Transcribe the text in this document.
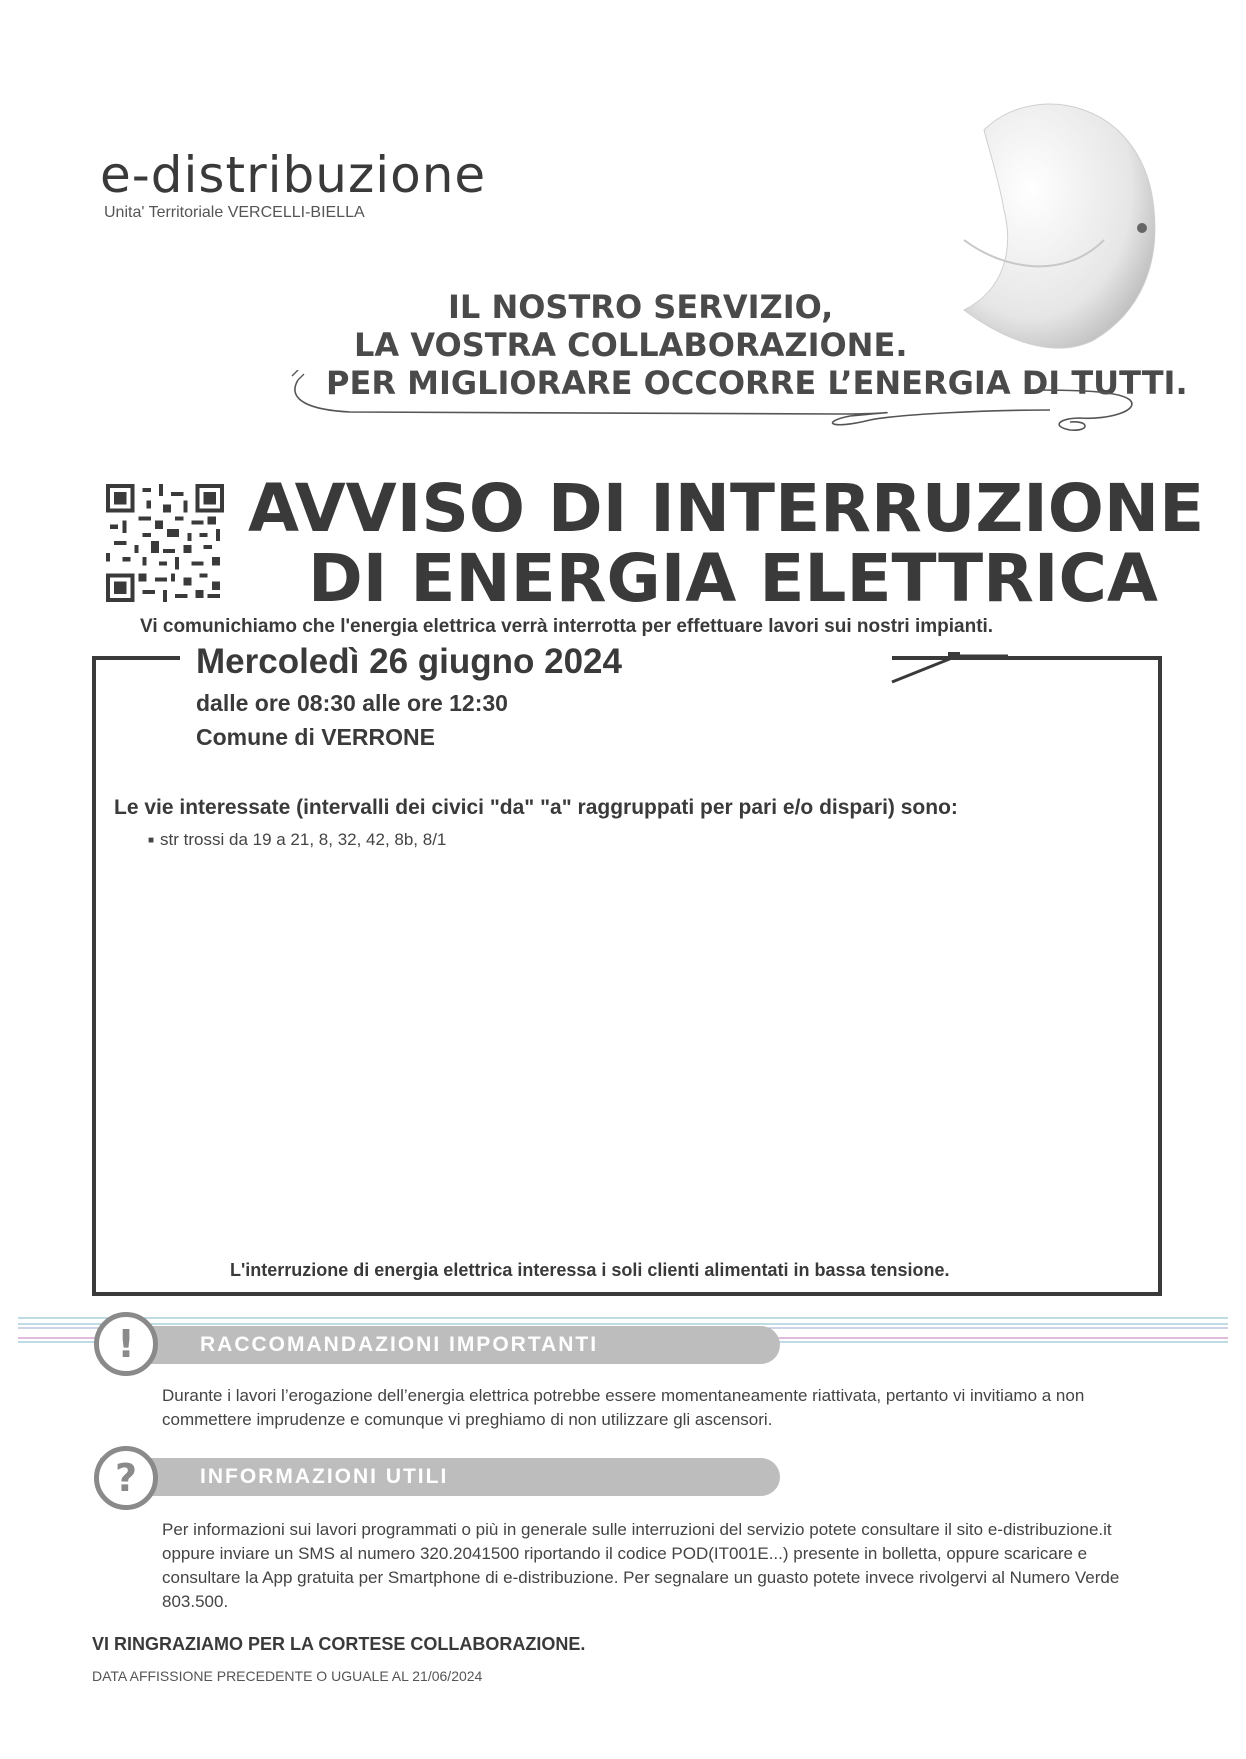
e-distribuzione
Unita' Territoriale VERCELLI-BIELLA
IL NOSTRO SERVIZIO,
LA VOSTRA COLLABORAZIONE.
PER MIGLIORARE OCCORRE L’ENERGIA DI TUTTI.
AVVISO DI INTERRUZIONE
DI ENERGIA ELETTRICA
Vi comunichiamo che l'energia elettrica verrà interrotta per effettuare lavori sui nostri impianti.
Mercoledì 26 giugno 2024
dalle ore 08:30 alle ore 12:30
Comune di VERRONE
Le vie interessate (intervalli dei civici "da" "a" raggruppati per pari e/o dispari) sono:
■ str trossi da 19 a 21, 8, 32, 42, 8b, 8/1
L'interruzione di energia elettrica interessa i soli clienti alimentati in bassa tensione.
RACCOMANDAZIONI IMPORTANTI
!
Durante i lavori l’erogazione dell’energia elettrica potrebbe essere momentaneamente riattivata, pertanto vi invitiamo a non commettere imprudenze e comunque vi preghiamo di non utilizzare gli ascensori.
INFORMAZIONI UTILI
?
Per informazioni sui lavori programmati o più in generale sulle interruzioni del servizio potete consultare il sito e-distribuzione.it oppure inviare un SMS al numero 320.2041500 riportando il codice POD(IT001E...) presente in bolletta, oppure scaricare e consultare la App gratuita per Smartphone di e-distribuzione. Per segnalare un guasto potete invece rivolgervi al Numero Verde 803.500.
VI RINGRAZIAMO PER LA CORTESE COLLABORAZIONE.
DATA AFFISSIONE PRECEDENTE O UGUALE AL 21/06/2024
